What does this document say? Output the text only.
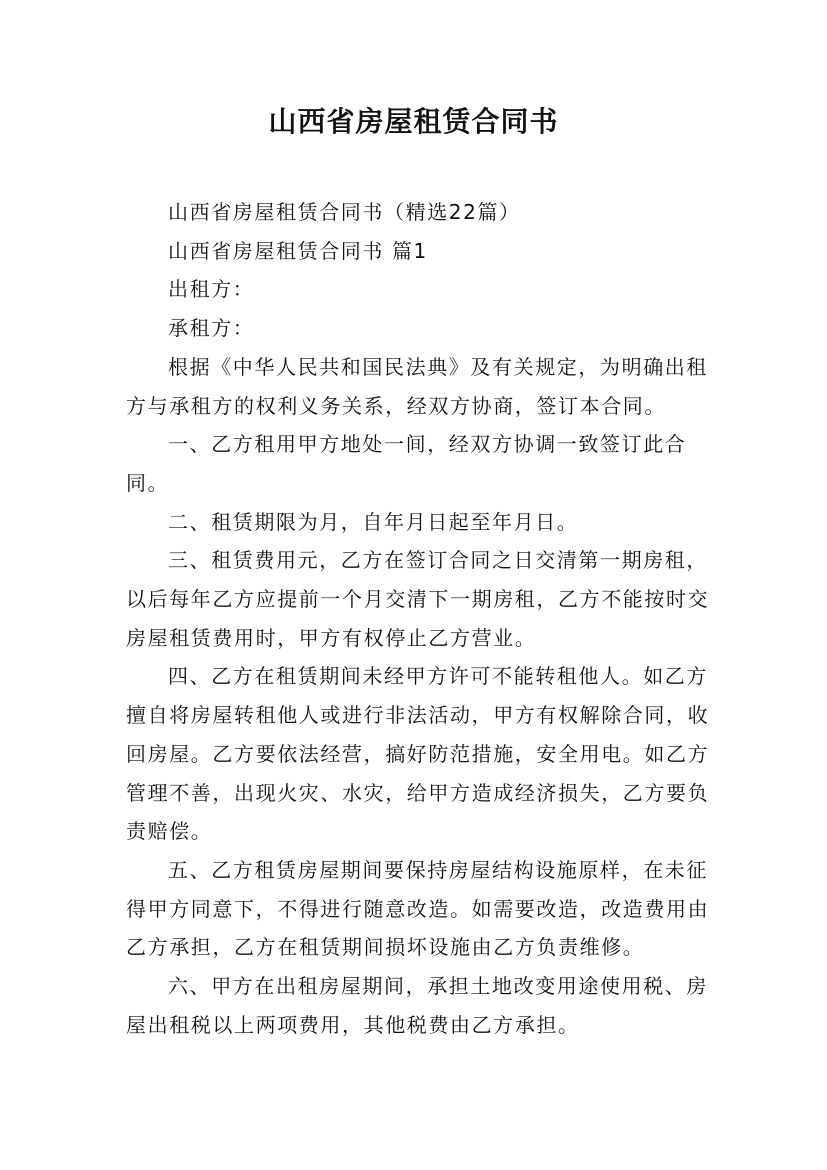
山西省房屋租赁合同书

山西省房屋租赁合同书（精选22篇）

山西省房屋租赁合同书 篇1

出租方：

承租方：

根据《中华人民共和国民法典》及有关规定，为明确出租方与承租方的权利义务关系，经双方协商，签订本合同。

一、乙方租用甲方地处一间，经双方协调一致签订此合同。

二、租赁期限为月，自年月日起至年月日。

三、租赁费用元，乙方在签订合同之日交清第一期房租，以后每年乙方应提前一个月交清下一期房租，乙方不能按时交房屋租赁费用时，甲方有权停止乙方营业。

四、乙方在租赁期间未经甲方许可不能转租他人。如乙方擅自将房屋转租他人或进行非法活动，甲方有权解除合同，收回房屋。乙方要依法经营，搞好防范措施，安全用电。如乙方管理不善，出现火灾、水灾，给甲方造成经济损失，乙方要负责赔偿。

五、乙方租赁房屋期间要保持房屋结构设施原样，在未征得甲方同意下，不得进行随意改造。如需要改造，改造费用由乙方承担，乙方在租赁期间损坏设施由乙方负责维修。

六、甲方在出租房屋期间，承担土地改变用途使用税、房屋出租税以上两项费用，其他税费由乙方承担。
